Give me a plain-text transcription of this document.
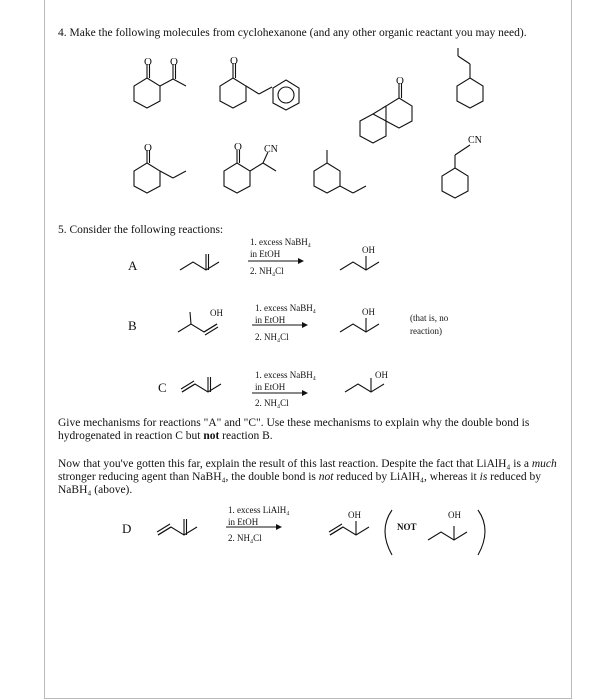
4. Make the following molecules from cyclohexanone (and any other organic reactant you may need).
O O	O
O
O	O CN
CN
5. Consider the following reactions:
A
1. excess NaBH₄
in EtOH
2. NH₄Cl
OH
B
OH	1. excess NaBH₄
in EtOH
2. NH₄Cl
OH
(that is, no
reaction)
C
1. excess NaBH₄
in EtOH
2. NH₄Cl
OH
Give mechanisms for reactions "A" and "C". Use these mechanisms to explain why the double bond is hydrogenated in reaction C but not reaction B.
Now that you've gotten this far, explain the result of this last reaction. Despite the fact that LiAlH₄ is a much stronger reducing agent than NaBH₄, the double bond is not reduced by LiAlH₄, whereas it is reduced by NaBH₄ (above).
D
1. excess LiAlH₄
in EtOH
2. NH₄Cl
OH
NOT
OH
